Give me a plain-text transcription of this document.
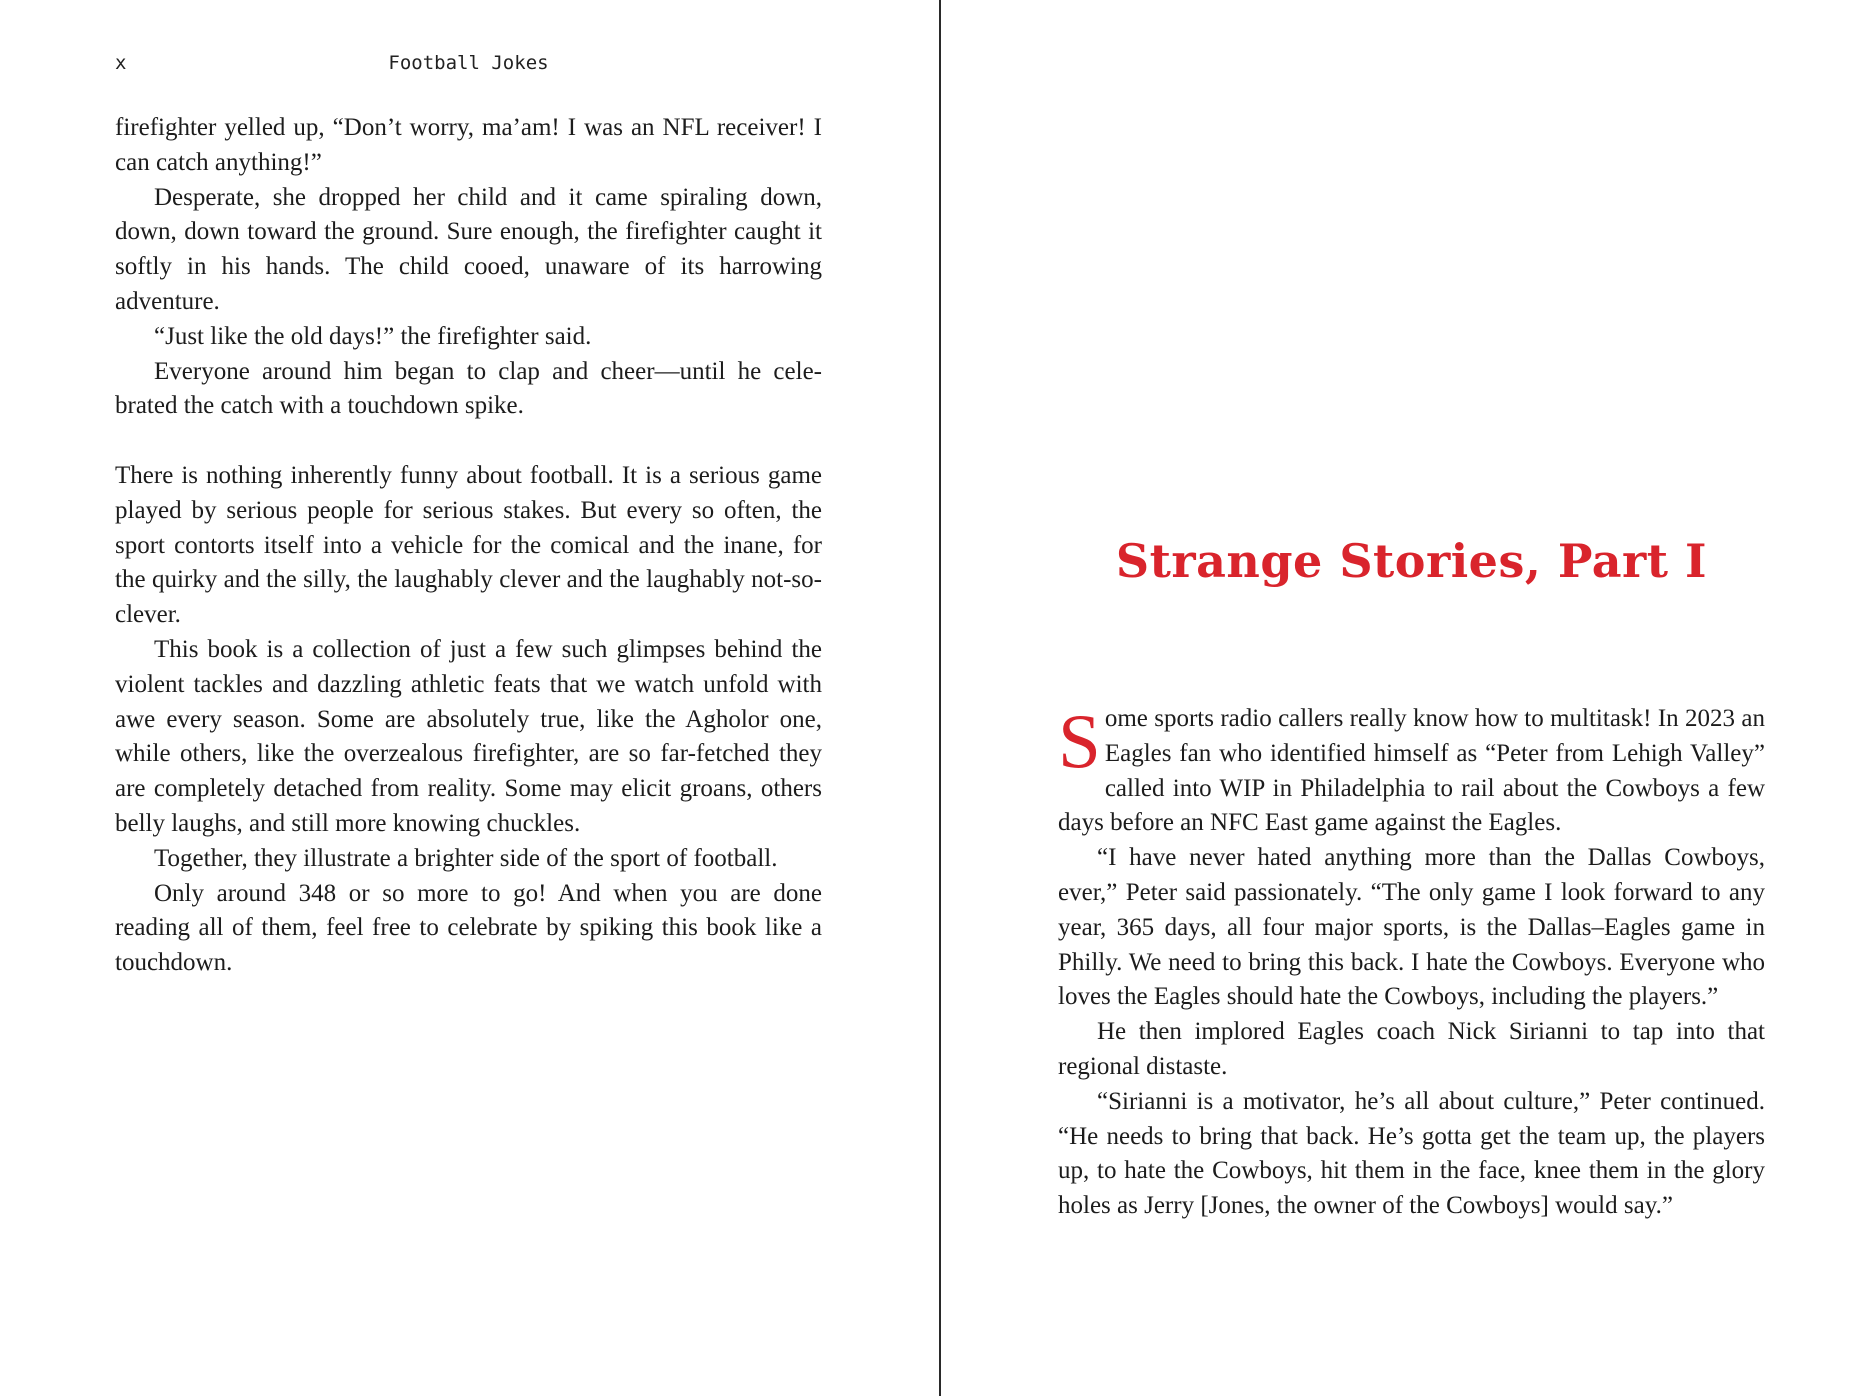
x	Football Jokes

firefighter yelled up, “Don’t worry, ma’am! I was an NFL receiver! I can catch anything!”

Desperate, she dropped her child and it came spiraling down, down, down toward the ground. Sure enough, the firefighter caught it softly in his hands. The child cooed, unaware of its harrowing adventure.

“Just like the old days!” the firefighter said.

Everyone around him began to clap and cheer—until he celebrated the catch with a touchdown spike.

There is nothing inherently funny about football. It is a serious game played by serious people for serious stakes. But every so often, the sport contorts itself into a vehicle for the comical and the inane, for the quirky and the silly, the laughably clever and the laughably not-so-clever.

This book is a collection of just a few such glimpses behind the violent tackles and dazzling athletic feats that we watch unfold with awe every season. Some are absolutely true, like the Agholor one, while others, like the overzealous firefighter, are so far-fetched they are completely detached from reality. Some may elicit groans, others belly laughs, and still more knowing chuckles.

Together, they illustrate a brighter side of the sport of football.

Only around 348 or so more to go! And when you are done reading all of them, feel free to celebrate by spiking this book like a touchdown.

Strange Stories, Part I

Some sports radio callers really know how to multitask! In 2023 an Eagles fan who identified himself as “Peter from Lehigh Valley” called into WIP in Philadelphia to rail about the Cowboys a few days before an NFC East game against the Eagles.

“I have never hated anything more than the Dallas Cowboys, ever,” Peter said passionately. “The only game I look forward to any year, 365 days, all four major sports, is the Dallas–Eagles game in Philly. We need to bring this back. I hate the Cowboys. Everyone who loves the Eagles should hate the Cowboys, including the players.”

He then implored Eagles coach Nick Sirianni to tap into that regional distaste.

“Sirianni is a motivator, he’s all about culture,” Peter continued. “He needs to bring that back. He’s gotta get the team up, the players up, to hate the Cowboys, hit them in the face, knee them in the glory holes as Jerry [Jones, the owner of the Cowboys] would say.”
